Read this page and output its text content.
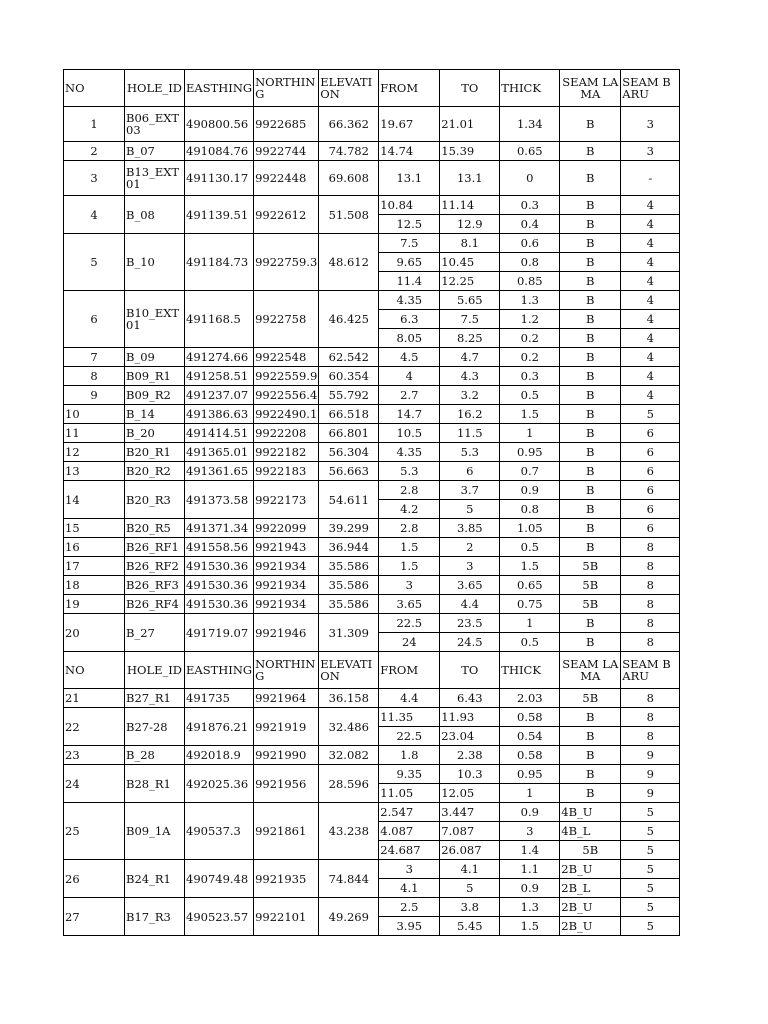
NO	HOLE_ID	EASTHING	NORTHING	ELEVATION	FROM	TO	THICK	SEAM LAMA	SEAM BARU
1	B06_EXT03	490800.56	9922685	66.362	19.67	21.01	1.34	B	3
2	B_07	491084.76	9922744	74.782	14.74	15.39	0.65	B	3
3	B13_EXT01	491130.17	9922448	69.608	13.1	13.1	0	B	-
4	B_08	491139.51	9922612	51.508	10.84	11.14	0.3	B	4
					12.5	12.9	0.4	B	4
5	B_10	491184.73	9922759.3	48.612	7.5	8.1	0.6	B	4
					9.65	10.45	0.8	B	4
					11.4	12.25	0.85	B	4
6	B10_EXT01	491168.5	9922758	46.425	4.35	5.65	1.3	B	4
					6.3	7.5	1.2	B	4
					8.05	8.25	0.2	B	4
7	B_09	491274.66	9922548	62.542	4.5	4.7	0.2	B	4
8	B09_R1	491258.51	9922559.9	60.354	4	4.3	0.3	B	4
9	B09_R2	491237.07	9922556.4	55.792	2.7	3.2	0.5	B	4
10	B_14	491386.63	9922490.1	66.518	14.7	16.2	1.5	B	5
11	B_20	491414.51	9922208	66.801	10.5	11.5	1	B	6
12	B20_R1	491365.01	9922182	56.304	4.35	5.3	0.95	B	6
13	B20_R2	491361.65	9922183	56.663	5.3	6	0.7	B	6
14	B20_R3	491373.58	9922173	54.611	2.8	3.7	0.9	B	6
					4.2	5	0.8	B	6
15	B20_R5	491371.34	9922099	39.299	2.8	3.85	1.05	B	6
16	B26_RF1	491558.56	9921943	36.944	1.5	2	0.5	B	8
17	B26_RF2	491530.36	9921934	35.586	1.5	3	1.5	5B	8
18	B26_RF3	491530.36	9921934	35.586	3	3.65	0.65	5B	8
19	B26_RF4	491530.36	9921934	35.586	3.65	4.4	0.75	5B	8
20	B_27	491719.07	9921946	31.309	22.5	23.5	1	B	8
					24	24.5	0.5	B	8
NO	HOLE_ID	EASTHING	NORTHING	ELEVATION	FROM	TO	THICK	SEAM LAMA	SEAM BARU
21	B27_R1	491735	9921964	36.158	4.4	6.43	2.03	5B	8
22	B27-28	491876.21	9921919	32.486	11.35	11.93	0.58	B	8
					22.5	23.04	0.54	B	8
23	B_28	492018.9	9921990	32.082	1.8	2.38	0.58	B	9
24	B28_R1	492025.36	9921956	28.596	9.35	10.3	0.95	B	9
					11.05	12.05	1	B	9
25	B09_1A	490537.3	9921861	43.238	2.547	3.447	0.9	4B_U	5
					4.087	7.087	3	4B_L	5
					24.687	26.087	1.4	5B	5
26	B24_R1	490749.48	9921935	74.844	3	4.1	1.1	2B_U	5
					4.1	5	0.9	2B_L	5
27	B17_R3	490523.57	9922101	49.269	2.5	3.8	1.3	2B_U	5
					3.95	5.45	1.5	2B_U	5
